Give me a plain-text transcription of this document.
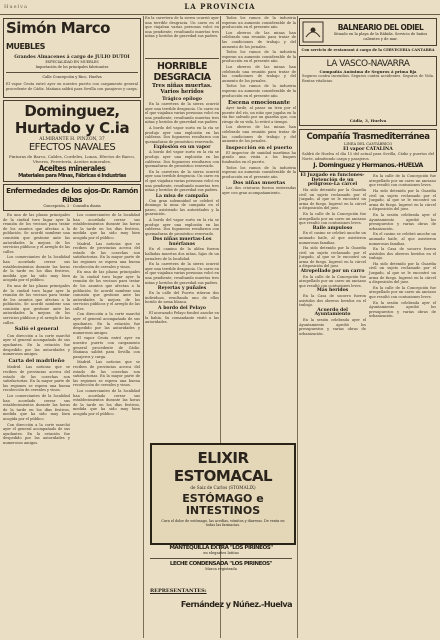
LA PROVINCIA
Huelva
Simón Marco MUEBLES
Grandes Almacenes á cargo de JULIO DUTOI
ESPECIALIDAD EN MUEBLES
Importación de los principales fabricantes
Calle Concepción y Rico, Huelva
El vapor Ceuta entró ayer en nuestro puerto con cargamento general procedente de Cádiz. Mañana saldrá para Sevilla con pasajeros y carga.
Dominguez, Hurtado y C.ia
ALMIRANTE H. PINZON, 37
EFECTOS NAVALES
Pinturas de Barco, Cables, Cordeles, Lonas, Efectos de Barco, Víveres, Ferretería, Aceites minerales.
Aceites minerales
Materiales para Minas, Fábricas é Industrias
Enfermedades de los ojos-Dr. Ramón Ribas
Concepción, 2 - Consulta diaria

En una de las plazas principales de la ciudad tuvo lugar ayer la reunión de los vecinos para tratar de los asuntos que afectan a la población. Se acordó nombrar una comisión que gestione ante las autoridades la mejora de los servicios públicos y el arreglo de las calles.

Los comerciantes de la localidad han acordado cerrar sus establecimientos durante las horas de la tarde en los días festivos, medida que ha sido muy bien acogida por el público.

En una de las plazas principales de la ciudad tuvo lugar ayer la reunión de los vecinos para tratar de los asuntos que afectan a la población. Se acordó nombrar una comisión que gestione ante las autoridades la mejora de los servicios públicos y el arreglo de las calles.

Salió el general

Con dirección a la corte marchó ayer el general acompañado de sus ayudantes. En la estación fue despedido por las autoridades y numerosos amigos.

Carta del madrileño

Madrid. Las noticias que se reciben de provincias acerca del estado de las cosechas son satisfactorias. En la mayor parte de las regiones se espera una buena recolección de cereales y vinos.

Los comerciantes de la localidad han acordado cerrar sus establecimientos durante las horas de la tarde en los días festivos, medida que ha sido muy bien acogida por el público.

Con dirección a la corte marchó ayer el general acompañado de sus ayudantes. En la estación fue despedido por las autoridades y numerosos amigos.

Los comerciantes de la localidad han acordado cerrar sus establecimientos durante las horas de la tarde en los días festivos, medida que ha sido muy bien acogida por el público.

Madrid. Las noticias que se reciben de provincias acerca del estado de las cosechas son satisfactorias. En la mayor parte de las regiones se espera una buena recolección de cereales y vinos.

En una de las plazas principales de la ciudad tuvo lugar ayer la reunión de los vecinos para tratar de los asuntos que afectan a la población. Se acordó nombrar una comisión que gestione ante las autoridades la mejora de los servicios públicos y el arreglo de las calles.

Con dirección a la corte marchó ayer el general acompañado de sus ayudantes. En la estación fue despedido por las autoridades y numerosos amigos.

El vapor Ceuta entró ayer en nuestro puerto con cargamento general procedente de Cádiz. Mañana saldrá para Sevilla con pasajeros y carga.

Madrid. Las noticias que se reciben de provincias acerca del estado de las cosechas son satisfactorias. En la mayor parte de las regiones se espera una buena recolección de cereales y vinos.

Los comerciantes de la localidad han acordado cerrar sus establecimientos durante las horas de la tarde en los días festivos, medida que ha sido muy bien acogida por el público.

En la carretera de la sierra ocurrió ayer una terrible desgracia. Un carro en el que viajaban varias personas volcó en una pendiente, resultando muertas tres niñas y heridos de gravedad sus padres.
HORRIBLE DESGRACIA
Tres niñas muertas. Varios heridos
Trágico epílogo

En la carretera de la sierra ocurrió ayer una terrible desgracia. Un carro en el que viajaban varias personas volcó en una pendiente, resultando muertas tres niñas y heridos de gravedad sus padres.

A bordo del vapor surto en la ría se produjo ayer una explosión en las calderas. Dos fogoneros resultaron con quemaduras de pronóstico reservado.

Explosión en un vapor

A bordo del vapor surto en la ría se produjo ayer una explosión en las calderas. Dos fogoneros resultaron con quemaduras de pronóstico reservado.

En la carretera de la sierra ocurrió ayer una terrible desgracia. Un carro en el que viajaban varias personas volcó en una pendiente, resultando muertas tres niñas y heridos de gravedad sus padres.

La misa de campaña

Con gran solemnidad se celebró el domingo la misa de campaña en el paseo, asistiendo las autoridades y la guarnición.

A bordo del vapor surto en la ría se produjo ayer una explosión en las calderas. Dos fogoneros resultaron con quemaduras de pronóstico reservado.

Dos niñas muertas-Los huérfanos

En el camino de la aldea fueron halladas muertas dos niñas, hijas de un jornalero de la localidad.

En la carretera de la sierra ocurrió ayer una terrible desgracia. Un carro en el que viajaban varias personas volcó en una pendiente, resultando muertas tres niñas y heridos de gravedad sus padres.

Reyertas y puñales

En la calle del Puerto riñeron dos individuos, resultando uno de ellos herido de arma blanca.

A bordo del Pelayo

El acorazado Pelayo fondeó anoche en la bahía. Su comandante visitó a las autoridades.

Todos los ramos de la industria esperan un aumento considerable de la producción en el presente año.

Los obreros de las minas han celebrado una reunión para tratar de las condiciones de trabajo y del aumento de los jornales.

Todos los ramos de la industria esperan un aumento considerable de la producción en el presente año.

Los obreros de las minas han celebrado una reunión para tratar de las condiciones de trabajo y del aumento de los jornales.

Todos los ramos de la industria esperan un aumento considerable de la producción en el presente año.

Escena emocionante

Ayer tarde, al pasar un tren por el puente del río, un niño que jugaba en la vía fue salvado por un guardia que, con riesgo de su vida, lo retiró a tiempo.

Los obreros de las minas han celebrado una reunión para tratar de las condiciones de trabajo y del aumento de los jornales.

Inspección en el puerto

El inspector de sanidad marítima ha girado una visita a los buques fondeados en el puerto.

Todos los ramos de la industria esperan un aumento considerable de la producción en el presente año.

Dos niñas muertas

Las dos criaturas fueron enterradas ayer con gran acompañamiento.

BALNEARIO DEL ODIEL
Situado en la playa de la Rábida. Servicio de baños calientes y de mar.
Con servicio de restaurant á cargo de la CERVECERIA CANTABRA
LA VASCO-NAVARRA
Compañía Anónima de Seguros á prima fija
Seguros contra incendios. Seguros contra accidentes. Seguros de Vida. Rentas vitalicias.
Cádiz, 3, Huelva
Compañía Trasmediterránea
LINEA DEL CANTÁBRICO
El vapor CATALINA
Saldrá de Huelva el día 15 del actual para Sevilla, Cádiz y puertos del Norte, admitiendo carga y pasajeros.
J. Dominguez y Hermanos.-HUELVA
El Juzgado en funciones-Detención de un peligroso-La cárcel

Ha sido detenido por la Guardia civil un sujeto reclamado por el Juzgado, al que se le encontró un arma de fuego. Ingresó en la cárcel a disposición del juez.

En la calle de la Concepción fue atropellado por un carro un anciano que resultó con contusiones leves.

Baile ampuloso

En el casino se celebró anoche un animado baile, al que asistieron numerosas familias.

Ha sido detenido por la Guardia civil un sujeto reclamado por el Juzgado, al que se le encontró un arma de fuego. Ingresó en la cárcel a disposición del juez.

Atropellado por un carro

En la calle de la Concepción fue atropellado por un carro un anciano que resultó con contusiones leves.

Más heridos

En la Casa de socorro fueron asistidos dos obreros heridos en el trabajo.

Acuerdo del Ayuntamiento

En la sesión celebrada ayer el Ayuntamiento aprobó los presupuestos y varias obras de urbanización.

En la calle de la Concepción fue atropellado por un carro un anciano que resultó con contusiones leves.

Ha sido detenido por la Guardia civil un sujeto reclamado por el Juzgado, al que se le encontró un arma de fuego. Ingresó en la cárcel a disposición del juez.

En la sesión celebrada ayer el Ayuntamiento aprobó los presupuestos y varias obras de urbanización.

En el casino se celebró anoche un animado baile, al que asistieron numerosas familias.

En la Casa de socorro fueron asistidos dos obreros heridos en el trabajo.

Ha sido detenido por la Guardia civil un sujeto reclamado por el Juzgado, al que se le encontró un arma de fuego. Ingresó en la cárcel a disposición del juez.

En la calle de la Concepción fue atropellado por un carro un anciano que resultó con contusiones leves.

En la sesión celebrada ayer el Ayuntamiento aprobó los presupuestos y varias obras de urbanización.

ELIXIR ESTOMACAL
de Saiz de Carlos (STOMALIX)
ESTÓMAGO e
INTESTINOS
Cura el dolor de estómago, las acedías, vómitos y diarreas. De venta en todas las farmacias.
MANTEQUILLA EXTRA "LOS PIRINEOS"
en elegantes latitas
LECHE CONDENSADA "LOS PIRINEOS"
Marca registrada
REPRESENTANTES:
Fernández y Núñez.-Huelva
